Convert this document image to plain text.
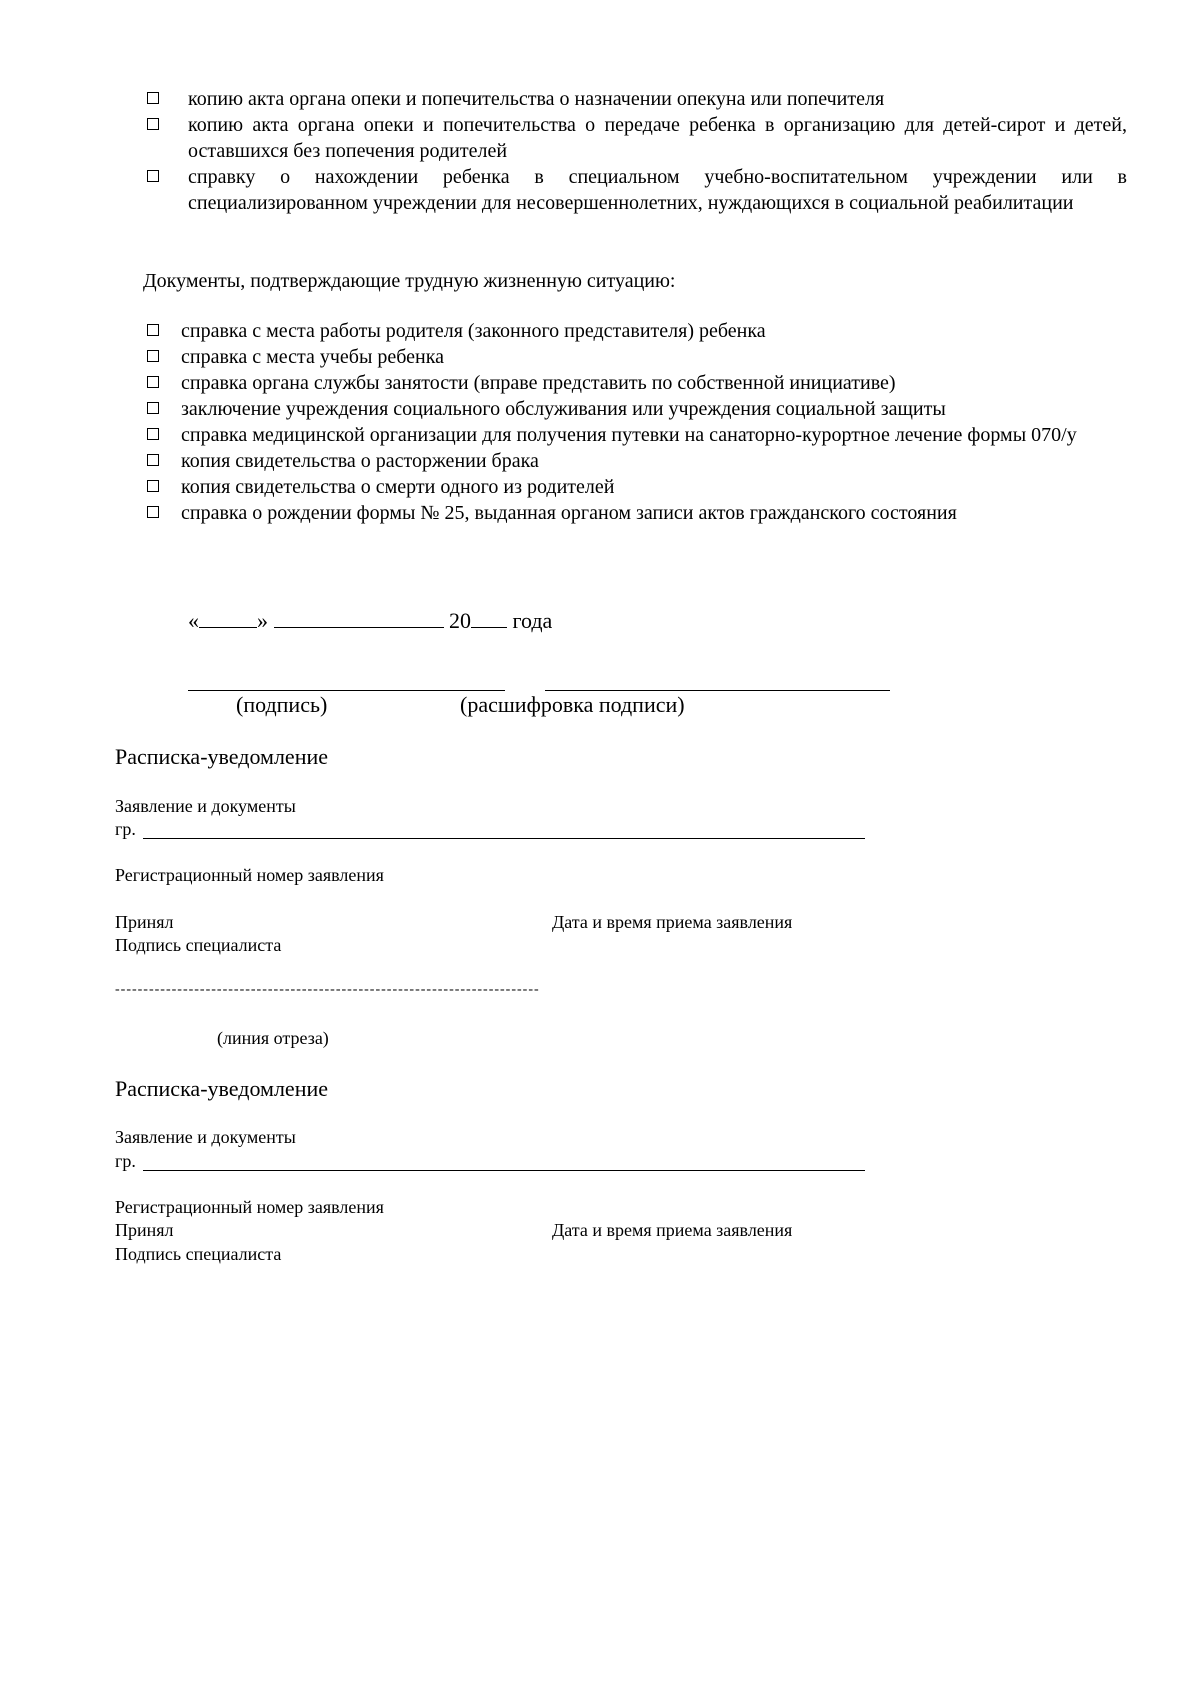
копию акта органа опеки и попечительства о назначении опекуна или попечителя
копию акта органа опеки и попечительства о передаче ребенка в организацию для детей-сирот и детей, оставшихся без попечения родителей
справку о нахождении ребенка в специальном учебно-воспитательном учреждении или в специализированном учреждении для несовершеннолетних, нуждающихся в социальной реабилитации
Документы, подтверждающие трудную жизненную ситуацию:
справка с места работы родителя (законного представителя) ребенка
справка с места учебы ребенка
справка органа службы занятости (вправе представить по собственной инициативе)
заключение учреждения социального обслуживания или учреждения социальной защиты
справка медицинской организации для получения путевки на санаторно-курортное лечение формы 070/у
копия свидетельства о расторжении брака
копия свидетельства о смерти одного из родителей
справка о рождении формы № 25, выданная органом записи актов гражданского состояния
«	»	20 года
(подпись)	(расшифровка подписи)
Расписка-уведомление
Заявление и документы
гр.
Регистрационный номер заявления
Принял	Дата и время приема заявления
Подпись специалиста
---------------------------------------------------------------------------
(линия отреза)
Расписка-уведомление
Заявление и документы
гр.
Регистрационный номер заявления
Принял	Дата и время приема заявления
Подпись специалиста
